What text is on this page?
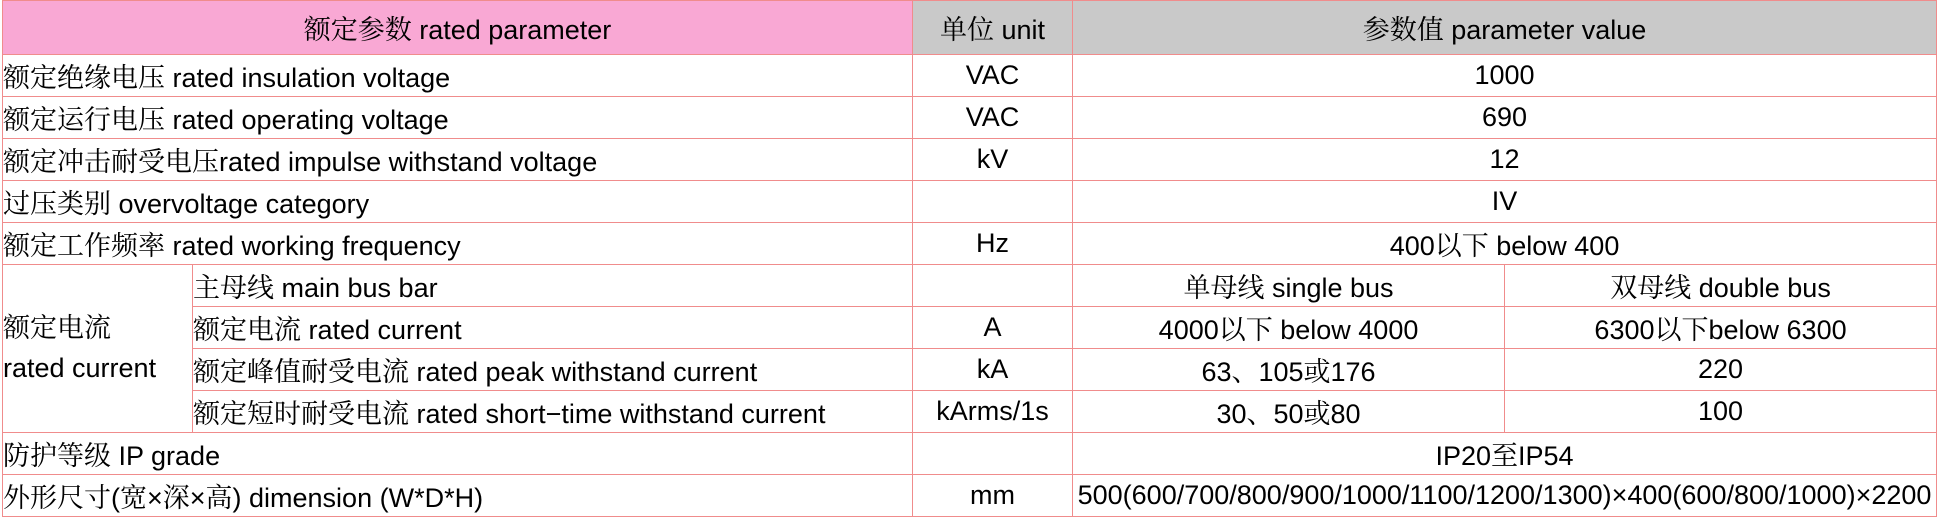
额定参数 rated parameter		单位 unit	参数值 parameter value	
额定绝缘电压 rated insulation voltage		VAC	1000	
额定运行电压 rated operating voltage		VAC	690	
额定冲击耐受电压rated impulse withstand voltage		kV	12	
过压类别 overvoltage category			IV	
额定工作频率 rated working frequency		Hz	400以下 below 400	

额定电流
rated current	主母线 main bus bar		单母线 single bus	双母线 double bus
	额定电流 rated current	A	4000以下 below 4000	6300以下below 6300
	额定峰值耐受电流 rated peak withstand current	kA	63、105或176	220
	额定短时耐受电流 rated short−time withstand current	kArms/1s	30、50或80	100
防护等级 IP grade			IP20至IP54	
外形尺寸(宽×深×高) dimension (W*D*H)		mm	500(600/700/800/900/1000/1100/1200/1300)×400(600/800/1000)×2200	
